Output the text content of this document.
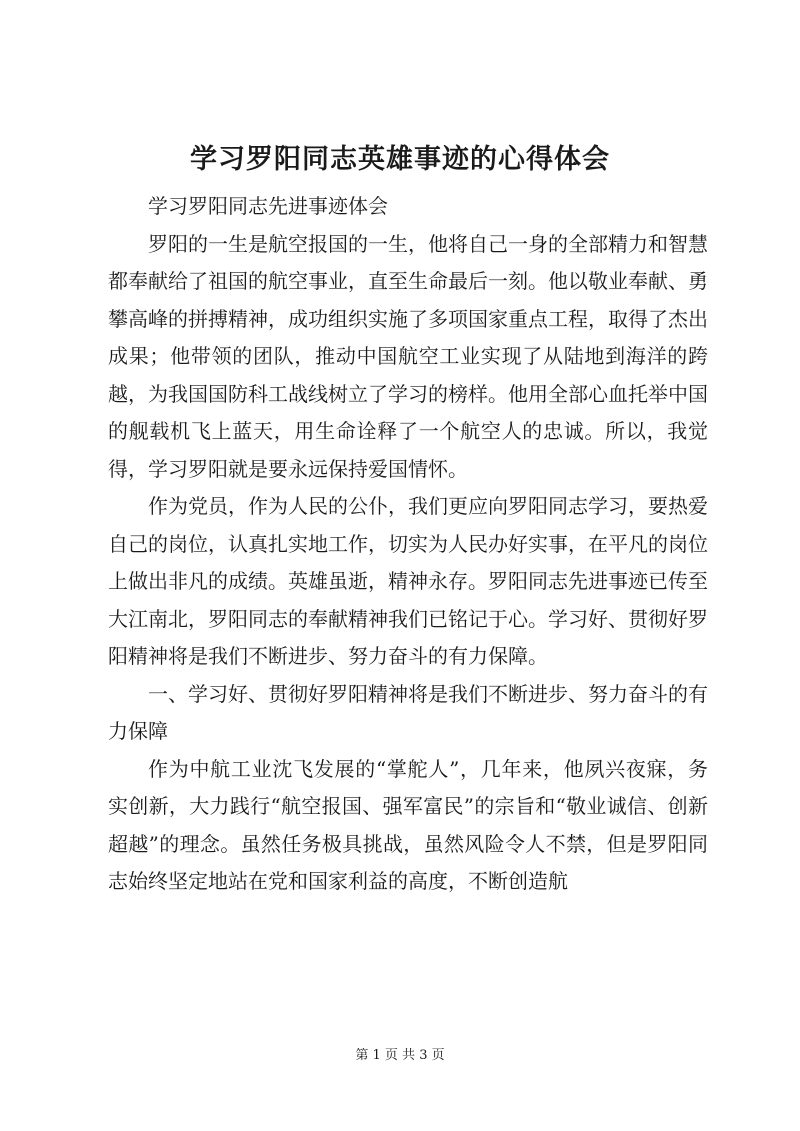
学习罗阳同志英雄事迹的心得体会

学习罗阳同志先进事迹体会

罗阳的一生是航空报国的一生，他将自己一身的全部精力和智慧都奉献给了祖国的航空事业，直至生命最后一刻。他以敬业奉献、勇攀高峰的拼搏精神，成功组织实施了多项国家重点工程，取得了杰出成果；他带领的团队，推动中国航空工业实现了从陆地到海洋的跨越，为我国国防科工战线树立了学习的榜样。他用全部心血托举中国的舰载机飞上蓝天，用生命诠释了一个航空人的忠诚。所以，我觉得，学习罗阳就是要永远保持爱国情怀。

作为党员，作为人民的公仆，我们更应向罗阳同志学习，要热爱自己的岗位，认真扎实地工作，切实为人民办好实事，在平凡的岗位上做出非凡的成绩。英雄虽逝，精神永存。罗阳同志先进事迹已传至大江南北，罗阳同志的奉献精神我们已铭记于心。学习好、贯彻好罗阳精神将是我们不断进步、努力奋斗的有力保障。

一、学习好、贯彻好罗阳精神将是我们不断进步、努力奋斗的有力保障

作为中航工业沈飞发展的“掌舵人”，几年来，他夙兴夜寐，务实创新，大力践行“航空报国、强军富民”的宗旨和“敬业诚信、创新超越”的理念。虽然任务极具挑战，虽然风险令人不禁，但是罗阳同志始终坚定地站在党和国家利益的高度，不断创造航

第 1 页 共 3 页
